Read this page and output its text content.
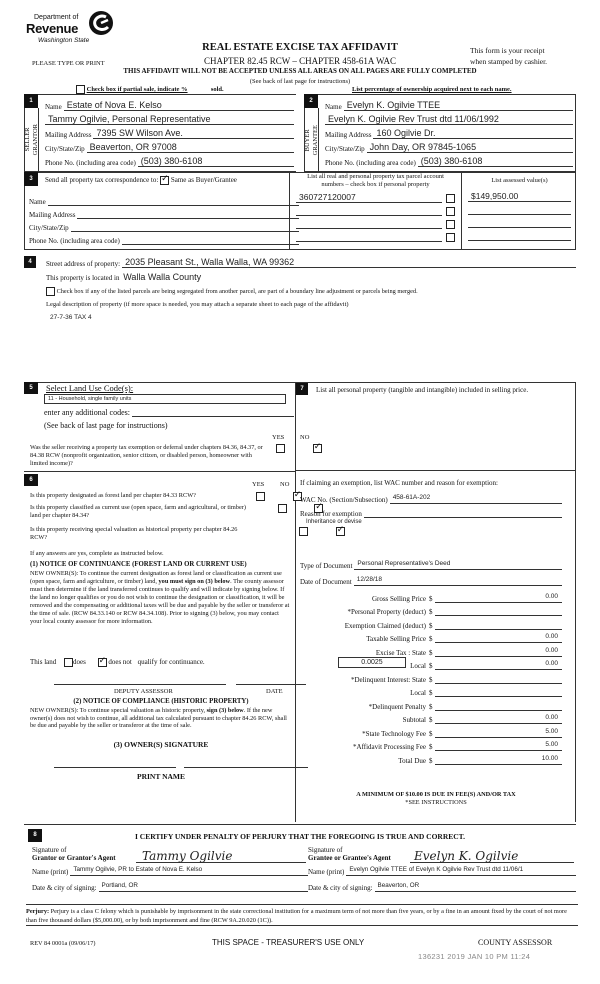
Department of
Revenue
Washington State
PLEASE TYPE OR PRINT
REAL ESTATE EXCISE TAX AFFIDAVIT
CHAPTER 82.45 RCW – CHAPTER 458-61A WAC
This form is your receipt
when stamped by cashier.
THIS AFFIDAVIT WILL NOT BE ACCEPTED UNLESS ALL AREAS ON ALL PAGES ARE FULLY COMPLETED
(See back of last page for instructions)
Check box if partial sale, indicate %	sold.	List percentage of ownership acquired next to each name.
1
SELLER
GRANTOR
Name Estate of Nova E. Kelso
Tammy Ogilvie, Personal Representative
Mailing Address 7395 SW Wilson Ave.
City/State/Zip Beaverton, OR 97008
Phone No. (including area code) (503) 380-6108
2
BUYER
GRANTEE
Name Evelyn K. Ogilvie TTEE
Evelyn K. Ogilvie Rev Trust dtd 11/06/1992
Mailing Address 160 Ogilvie Dr.
City/State/Zip John Day, OR 97845-1065
Phone No. (including area code) (503) 380-6108
3	Send all property tax correspondence to: ✓ Same as Buyer/Grantee
Name
Mailing Address
City/State/Zip
Phone No. (including area code)
List all real and personal property tax parcel account numbers – check box if personal property
360727120007
List assessed value(s)
$149,950.00
4	Street address of property: 2035 Pleasant St., Walla Walla, WA 99362
This property is located in Walla Walla County
Check box if any of the listed parcels are being segregated from another parcel, are part of a boundary line adjustment or parcels being merged.
Legal description of property (if more space is needed, you may attach a separate sheet to each page of the affidavit)
27-7-36 TAX 4
5	Select Land Use Code(s):
11 - Household, single family units
enter any additional codes:
(See back of last page for instructions)
YES NO
Was the seller receiving a property tax exemption or deferral under chapters 84.36, 84.37, or 84.38 RCW (nonprofit organization, senior citizen, or disabled person, homeowner with limited income)?
✓
6
YES NO
Is this property designated as forest land per chapter 84.33 RCW?
✓
Is this property classified as current use (open space, farm and agricultural, or timber) land per chapter 84.34?
✓
Is this property receiving special valuation as historical property per chapter 84.26 RCW?
✓
If any answers are yes, complete as instructed below.
(1) NOTICE OF CONTINUANCE (FOREST LAND OR CURRENT USE)
NEW OWNER(S): To continue the current designation as forest land or classification as current use (open space, farm and agriculture, or timber) land, you must sign on (3) below. The county assessor must then determine if the land transferred continues to qualify and will indicate by signing below. If the land no longer qualifies or you do not wish to continue the designation or classification, it will be removed and the compensating or additional taxes will be due and payable by the seller or transferor at the time of sale. (RCW 84.33.140 or RCW 84.34.108). Prior to signing (3) below, you may contact your local county assessor for more information.
This land does ✓	does not qualify for continuance.
DEPUTY ASSESSOR	DATE
(2) NOTICE OF COMPLIANCE (HISTORIC PROPERTY)
NEW OWNER(S): To continue special valuation as historic property, sign (3) below. If the new owner(s) does not wish to continue, all additional tax calculated pursuant to chapter 84.26 RCW, shall be due and payable by the seller or transferor at the time of sale.
(3) OWNER(S) SIGNATURE
PRINT NAME
7	List all personal property (tangible and intangible) included in selling price.
If claiming an exemption, list WAC number and reason for exemption:
WAC No. (Section/Subsection) 458-61A-202
Reason for exemption
Inheritance or devise
Type of Document Personal Representative's Deed
Date of Document 12/28/18
Gross Selling Price $	0.00
*Personal Property (deduct) $
Exemption Claimed (deduct) $
Taxable Selling Price $	0.00
Excise Tax : State $	0.00
0.0025	Local $	0.00
*Delinquent Interest: State $
Local $
*Delinquent Penalty $
Subtotal $	0.00
*State Technology Fee $	5.00
*Affidavit Processing Fee $	5.00
Total Due $	10.00
A MINIMUM OF $10.00 IS DUE IN FEE(S) AND/OR TAX
*SEE INSTRUCTIONS
8	I CERTIFY UNDER PENALTY OF PERJURY THAT THE FOREGOING IS TRUE AND CORRECT.
Signature of
Grantor or Grantor's Agent	Tammy Ogilvie
Name (print) Tammy Ogilvie, PR to Estate of Nova E. Kelso
Date & city of signing: Portland, OR
Signature of
Grantee or Grantee's Agent	Evelyn K. Ogilvie
Name (print) Evelyn Ogilvie TTEE of Evelyn K Ogilvie Rev Trust dtd 11/06/1
Date & city of signing: Beaverton, OR
Perjury: Perjury is a class C felony which is punishable by imprisonment in the state correctional institution for a maximum term of not more than five years, or by a fine in an amount fixed by the court of not more than five thousand dollars ($5,000.00), or by both imprisonment and fine (RCW 9A.20.020 (1C)).
REV 84 0001a (09/06/17)	THIS SPACE - TREASURER'S USE ONLY	COUNTY ASSESSOR
136231 2019 JAN 10 PM 11:24
